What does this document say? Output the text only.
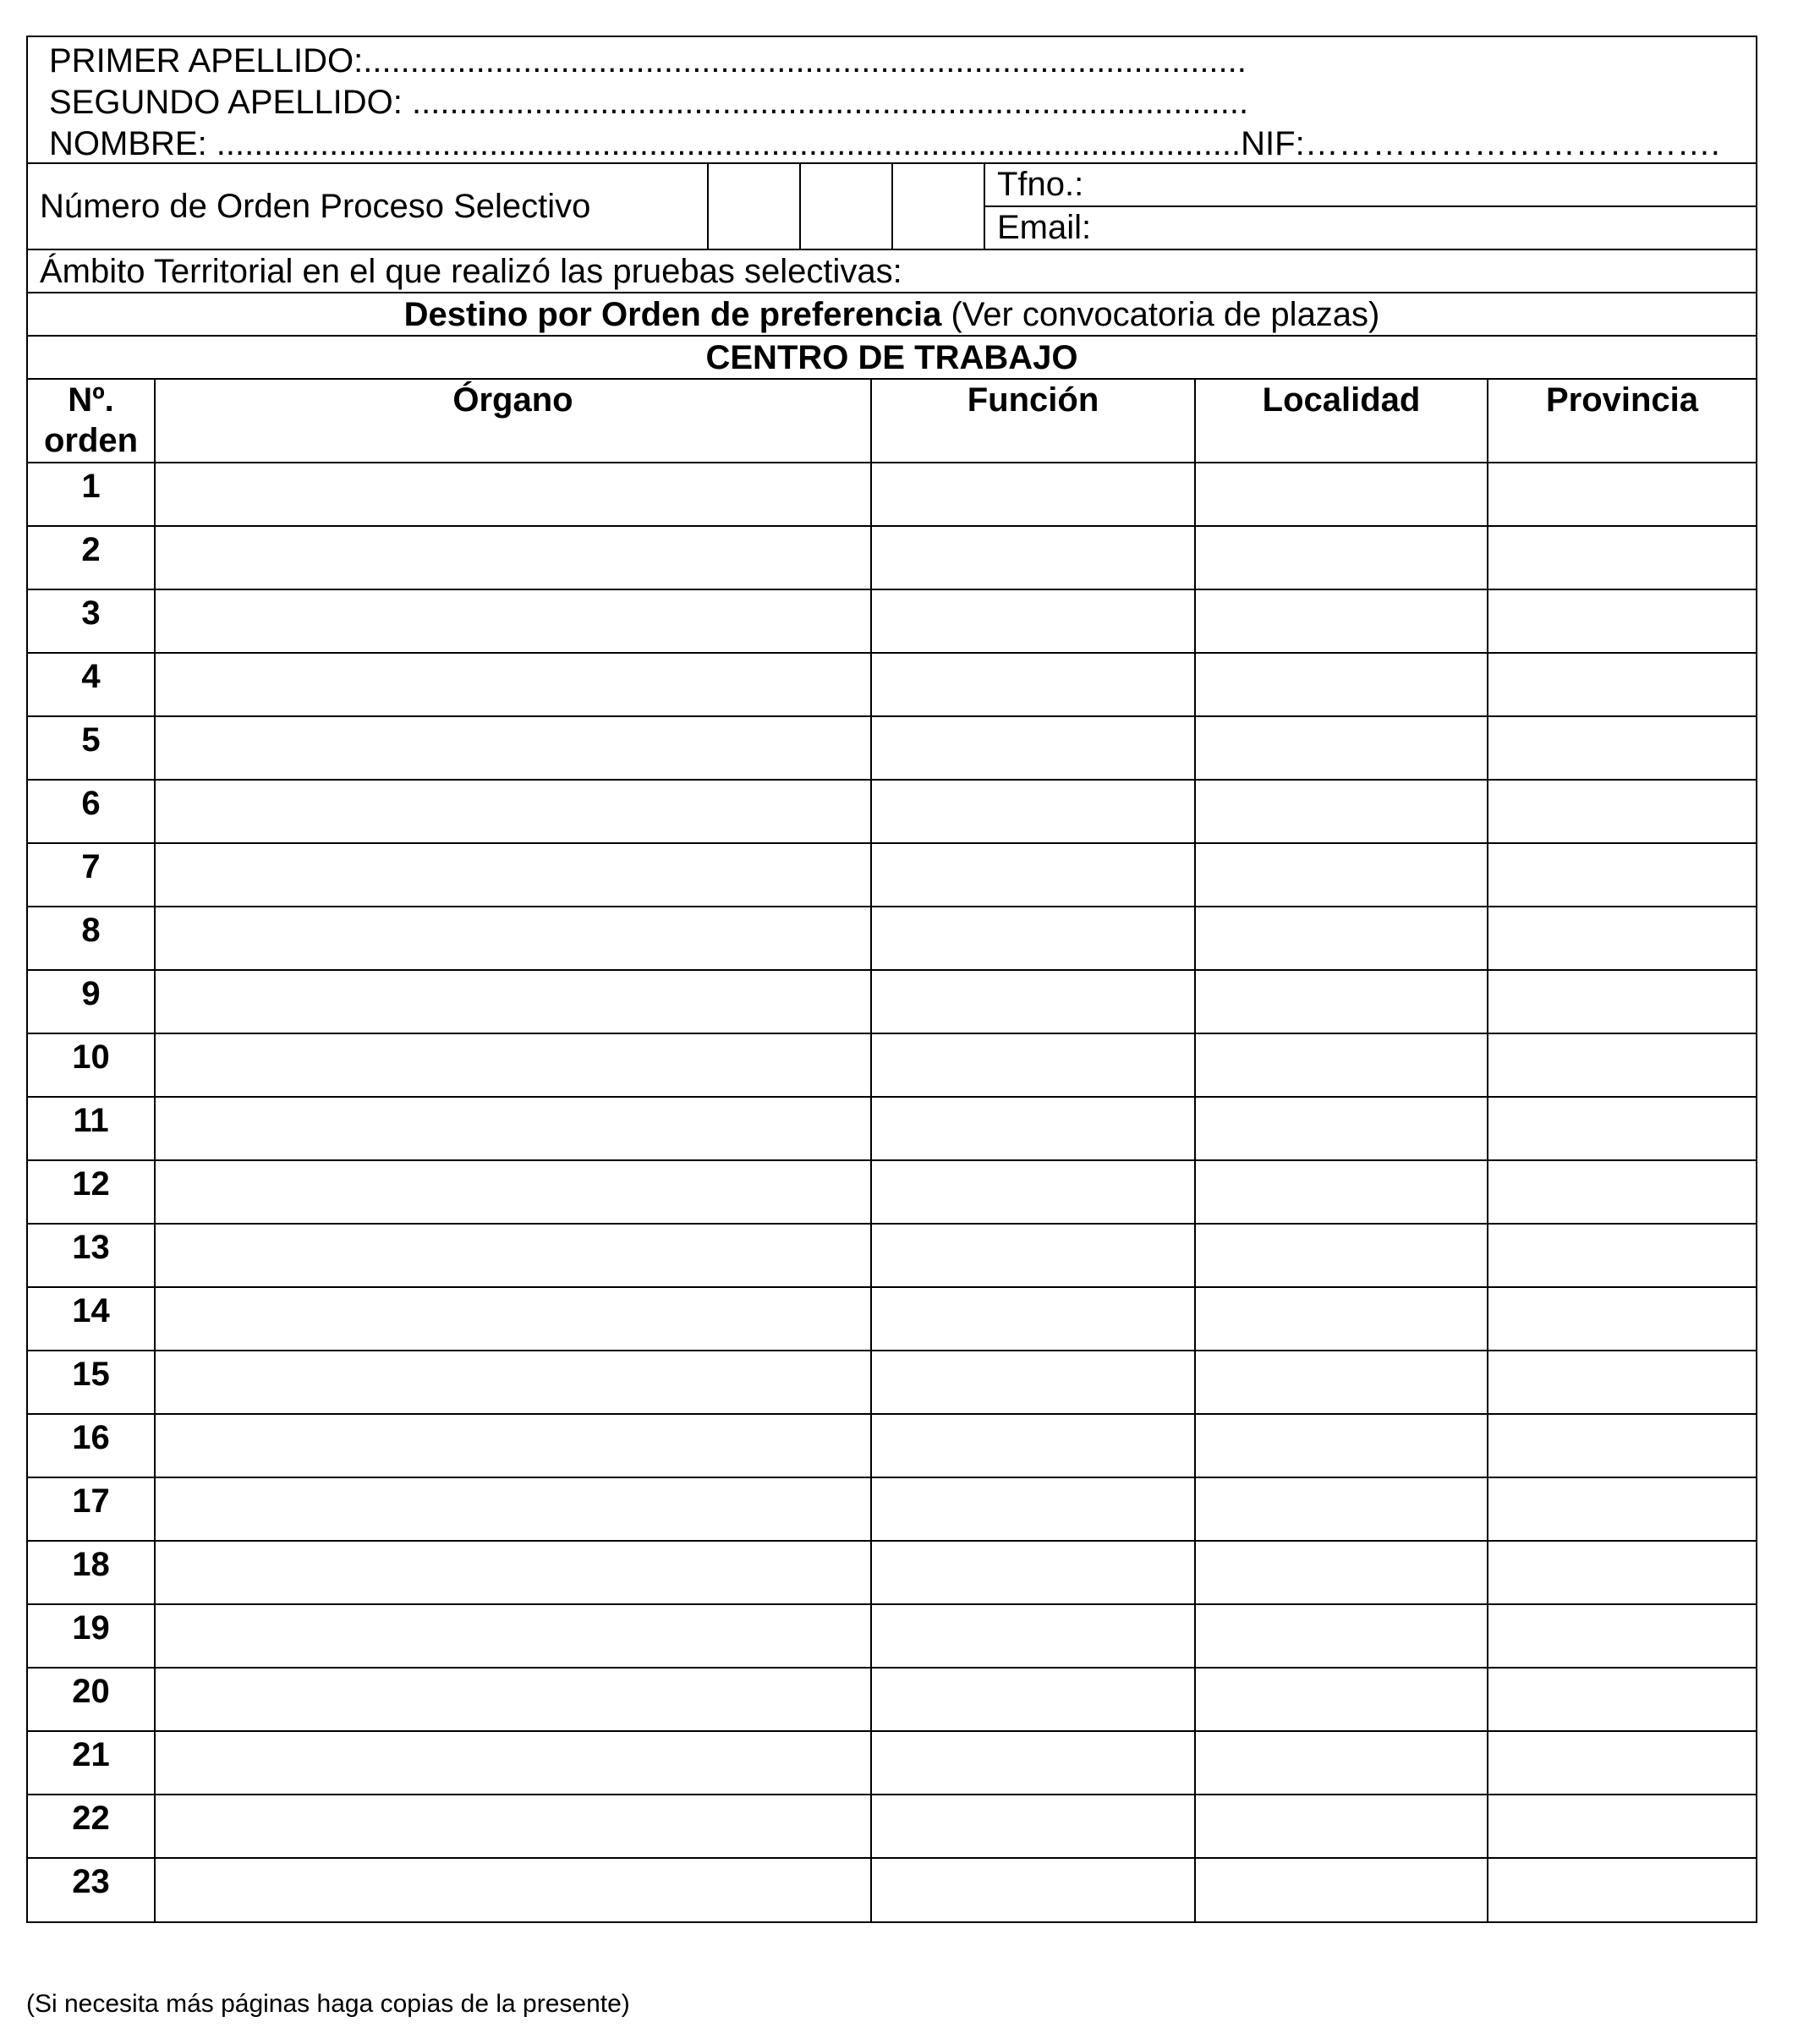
PRIMER APELLIDO:..............................................................................................
SEGUNDO APELLIDO: .........................................................................................
NOMBRE: .............................................................................................................NIF:……………………………….
Número de Orden Proceso Selectivo
Tfno.:
Email:
Ámbito Territorial en el que realizó las pruebas selectivas:
Destino por Orden de preferencia (Ver convocatoria de plazas)
CENTRO DE TRABAJO
Nº.
orden	Órgano	Función	Localidad	Provincia
1				
2				
3				
4				
5				
6				
7				
8				
9				
10				
11				
12				
13				
14				
15				
16				
17				
18				
19				
20				
21				
22				
23				
(Si necesita más páginas haga copias de la presente)
